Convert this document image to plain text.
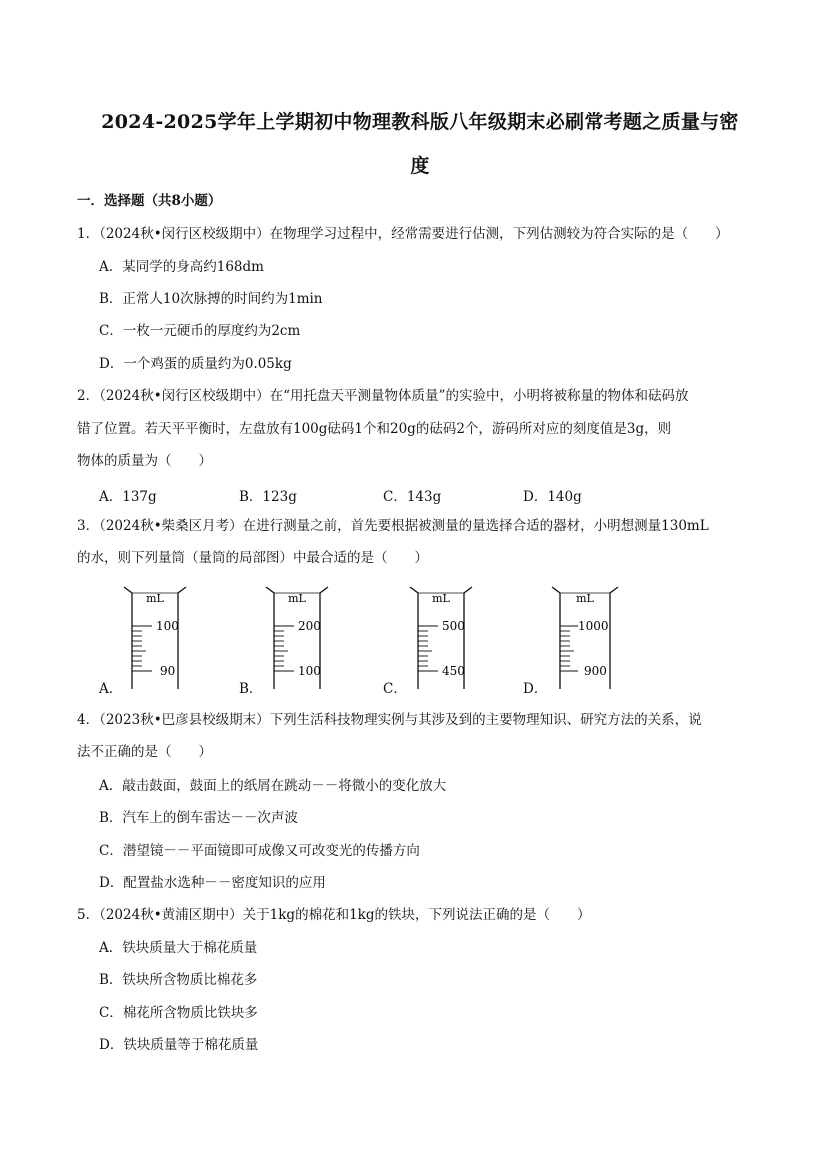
2024-2025学年上学期初中物理教科版八年级期末必刷常考题之质量与密
度
一．选择题（共8小题）
1．（2024秋•闵行区校级期中）在物理学习过程中，经常需要进行估测，下列估测较为符合实际的是（　　）
A．某同学的身高约168dm
B．正常人10次脉搏的时间约为1min
C．一枚一元硬币的厚度约为2cm
D．一个鸡蛋的质量约为0.05kg
2．（2024秋•闵行区校级期中）在“用托盘天平测量物体质量”的实验中，小明将被称量的物体和砝码放
错了位置。若天平平衡时，左盘放有100g砝码1个和20g的砝码2个，游码所对应的刻度值是3g，则
物体的质量为（　　）
A．137g	B．123g	C．143g	D．140g
3．（2024秋•柴桑区月考）在进行测量之前，首先要根据被测量的量选择合适的器材，小明想测量130mL
的水，则下列量筒（量筒的局部图）中最合适的是（　　）
A．
mL
100
90
B．
mL
200
100
C．
mL
500
450
D．
mL
1000
900
4．（2023秋•巴彦县校级期末）下列生活科技物理实例与其涉及到的主要物理知识、研究方法的关系，说
法不正确的是（　　）
A．敲击鼓面，鼓面上的纸屑在跳动－－将微小的变化放大
B．汽车上的倒车雷达－－次声波
C．潜望镜－－平面镜即可成像又可改变光的传播方向
D．配置盐水选种－－密度知识的应用
5．（2024秋•黄浦区期中）关于1kg的棉花和1kg的铁块，下列说法正确的是（　　）
A．铁块质量大于棉花质量
B．铁块所含物质比棉花多
C．棉花所含物质比铁块多
D．铁块质量等于棉花质量
